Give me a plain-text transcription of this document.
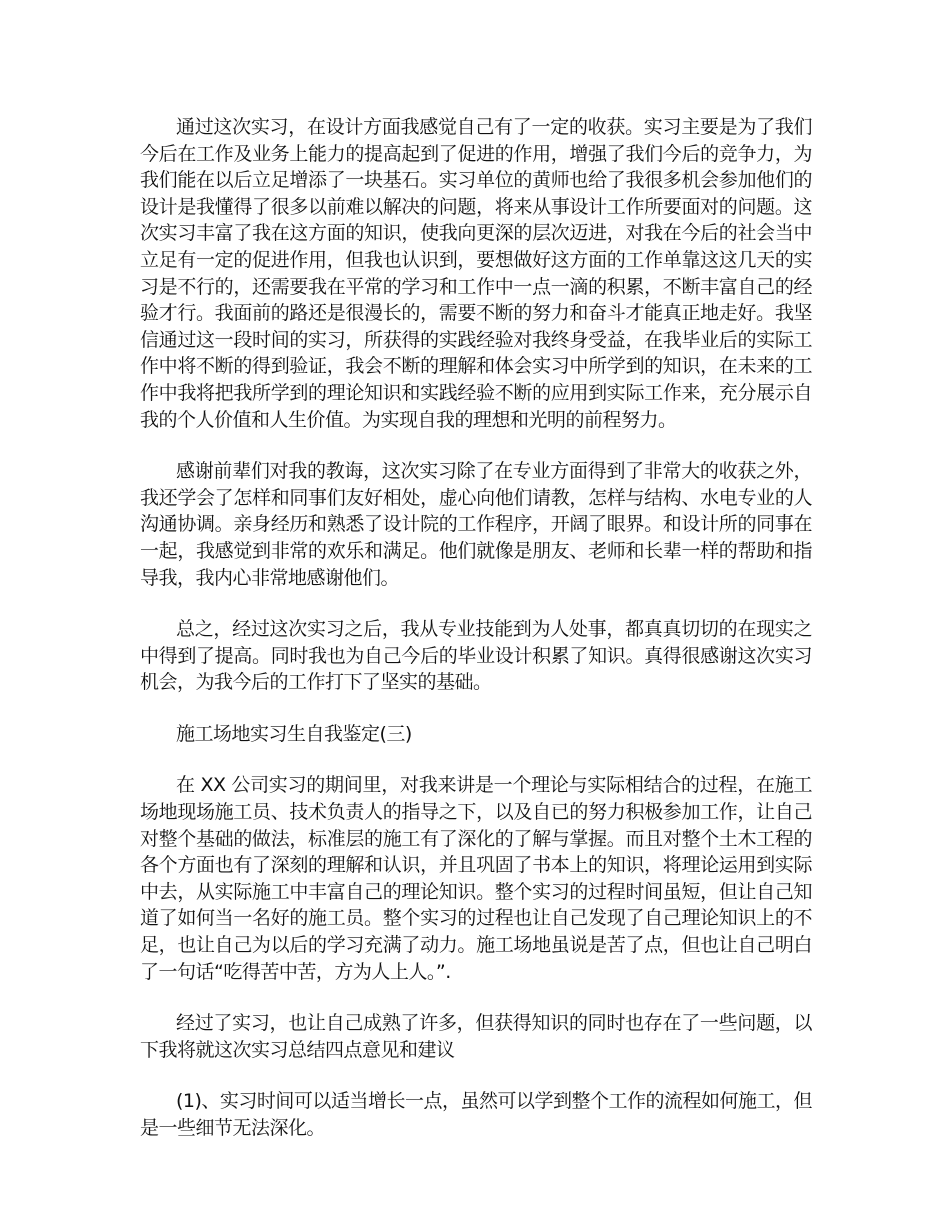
通过这次实习，在设计方面我感觉自己有了一定的收获。实习主要是为了我们今后在工作及业务上能力的提高起到了促进的作用，增强了我们今后的竞争力，为我们能在以后立足增添了一块基石。实习单位的黄师也给了我很多机会参加他们的设计是我懂得了很多以前难以解决的问题，将来从事设计工作所要面对的问题。这次实习丰富了我在这方面的知识，使我向更深的层次迈进，对我在今后的社会当中立足有一定的促进作用，但我也认识到，要想做好这方面的工作单靠这这几天的实习是不行的，还需要我在平常的学习和工作中一点一滴的积累，不断丰富自己的经验才行。我面前的路还是很漫长的，需要不断的努力和奋斗才能真正地走好。我坚信通过这一段时间的实习，所获得的实践经验对我终身受益，在我毕业后的实际工作中将不断的得到验证，我会不断的理解和体会实习中所学到的知识，在未来的工作中我将把我所学到的理论知识和实践经验不断的应用到实际工作来，充分展示自我的个人价值和人生价值。为实现自我的理想和光明的前程努力。

感谢前辈们对我的教诲，这次实习除了在专业方面得到了非常大的收获之外，我还学会了怎样和同事们友好相处，虚心向他们请教，怎样与结构、水电专业的人沟通协调。亲身经历和熟悉了设计院的工作程序，开阔了眼界。和设计所的同事在一起，我感觉到非常的欢乐和满足。他们就像是朋友、老师和长辈一样的帮助和指导我，我内心非常地感谢他们。

总之，经过这次实习之后，我从专业技能到为人处事，都真真切切的在现实之中得到了提高。同时我也为自己今后的毕业设计积累了知识。真得很感谢这次实习机会，为我今后的工作打下了坚实的基础。

施工场地实习生自我鉴定(三)

在 XX 公司实习的期间里，对我来讲是一个理论与实际相结合的过程，在施工场地现场施工员、技术负责人的指导之下，以及自已的努力积极参加工作，让自己对整个基础的做法，标准层的施工有了深化的了解与掌握。而且对整个土木工程的各个方面也有了深刻的理解和认识，并且巩固了书本上的知识，将理论运用到实际中去，从实际施工中丰富自己的理论知识。整个实习的过程时间虽短，但让自己知道了如何当一名好的施工员。整个实习的过程也让自己发现了自己理论知识上的不足，也让自己为以后的学习充满了动力。施工场地虽说是苦了点，但也让自己明白了一句话“吃得苦中苦，方为人上人。”.

经过了实习，也让自己成熟了许多，但获得知识的同时也存在了一些问题，以下我将就这次实习总结四点意见和建议

(1)、实习时间可以适当增长一点，虽然可以学到整个工作的流程如何施工，但是一些细节无法深化。
